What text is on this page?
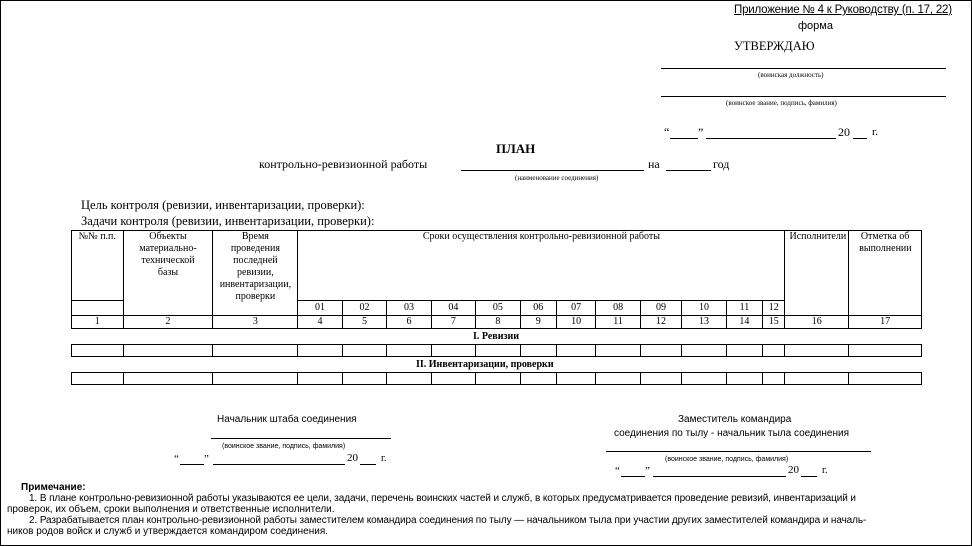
Приложение № 4 к Руководству (п. 17, 22)
форма
УТВЕРЖДАЮ
(воинская должность)
(воинское звание, подпись, фамилия)
“ ”	20 г.
ПЛАН
контрольно-ревизионной работы	на	год
(наименование соединения)
Цель контроля (ревизии, инвентаризации, проверки):
Задачи контроля (ревизии, инвентаризации, проверки):
№№ п.п.	Объекты материально-технической базы	Время проведения последней ревизии, инвентаризации, проверки	Сроки осуществления контрольно-ревизионной работы												Исполнители	Отметка об выполнении
			01	02	03	04	05	06	07	08	09	10	11	12		
1	2	3	4	5	6	7	8	9	10	11	12	13	14	15	16	17
I. Ревизии

II. Инвентаризации, проверки

Начальник штаба соединения
(воинское звание, подпись, фамилия)
“ ”	20 г.
Заместитель командира
соединения по тылу - начальник тыла соединения
(воинское звание, подпись, фамилия)
“ ”	20 г.
Примечание:
1. В плане контрольно-ревизионной работы указываются ее цели, задачи, перечень воинских частей и служб, в которых предусматривается проведение ревизий, инвентаризаций и
проверок, их объем, сроки выполнения и ответственные исполнители.
2. Разрабатывается план контрольно-ревизионной работы заместителем командира соединения по тылу — начальником тыла при участии других заместителей командира и началь-
ников родов войск и служб и утверждается командиром соединения.
